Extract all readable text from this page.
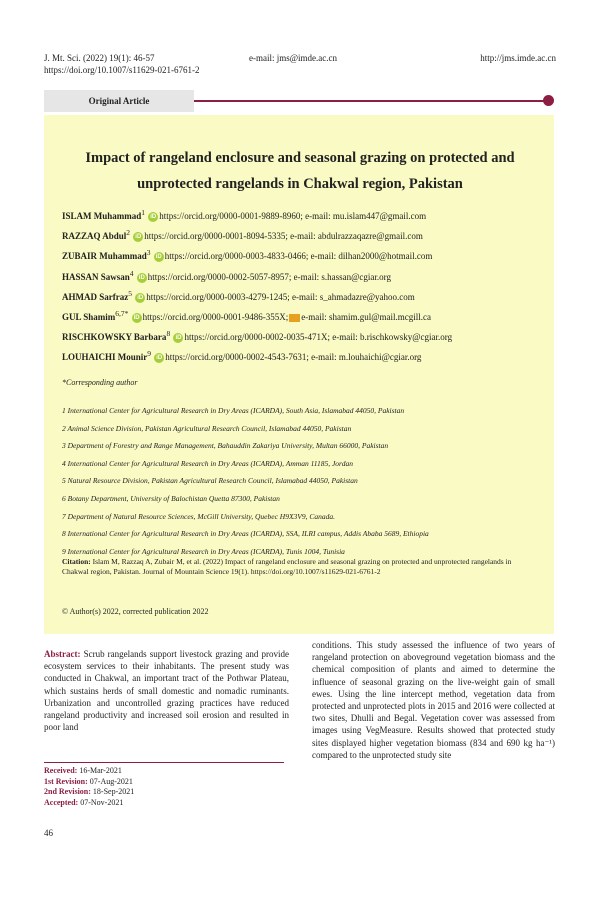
J. Mt. Sci. (2022) 19(1): 46-57
https://doi.org/10.1007/s11629-021-6761-2
e-mail: jms@imde.ac.cn	http://jms.imde.ac.cn
Original Article
Impact of rangeland enclosure and seasonal grazing on protected and unprotected rangelands in Chakwal region, Pakistan
ISLAM Muhammad$^1$ iD https://orcid.org/0000-0001-9889-8960; e-mail: mu.islam447@gmail.com
RAZZAQ Abdul$^2$ iD https://orcid.org/0000-0001-8094-5335; e-mail: abdulrazzaqazre@gmail.com
ZUBAIR Muhammad$^3$ iD https://orcid.org/0000-0003-4833-0466; e-mail: dilhan2000@hotmail.com
HASSAN Sawsan$^4$ iD https://orcid.org/0000-0002-5057-8957; e-mail: s.hassan@cgiar.org
AHMAD Sarfraz$^5$ iD https://orcid.org/0000-0003-4279-1245; e-mail: s_ahmadazre@yahoo.com
GUL Shamim$^{6,7*}$ iD https://orcid.org/0000-0001-9486-355X; e-mail: shamim.gul@mail.mcgill.ca
RISCHKOWSKY Barbara$^8$ iD https://orcid.org/0000-0002-0035-471X; e-mail: b.rischkowsky@cgiar.org
LOUHAICHI Mounir$^9$ iD https://orcid.org/0000-0002-4543-7631; e-mail: m.louhaichi@cgiar.org
*Corresponding author
1 International Center for Agricultural Research in Dry Areas (ICARDA), South Asia, Islamabad 44050, Pakistan
2 Animal Science Division, Pakistan Agricultural Research Council, Islamabad 44050, Pakistan
3 Department of Forestry and Range Management, Bahauddin Zakariya University, Multan 66000, Pakistan
4 International Center for Agricultural Research in Dry Areas (ICARDA), Amman 11185, Jordan
5 Natural Resource Division, Pakistan Agricultural Research Council, Islamabad 44050, Pakistan
6 Botany Department, University of Balochistan Quetta 87300, Pakistan
7 Department of Natural Resource Sciences, McGill University, Quebec H9X3V9, Canada.
8 International Center for Agricultural Research in Dry Areas (ICARDA), SSA, ILRI campus, Addis Ababa 5689, Ethiopia
9 International Center for Agricultural Research in Dry Areas (ICARDA), Tunis 1004, Tunisia
Citation: Islam M, Razzaq A, Zubair M, et al. (2022) Impact of rangeland enclosure and seasonal grazing on protected and unprotected rangelands in Chakwal region, Pakistan. Journal of Mountain Science 19(1). https://doi.org/10.1007/s11629-021-6761-2
© Author(s) 2022, corrected publication 2022
Abstract: Scrub rangelands support livestock grazing and provide ecosystem services to their inhabitants. The present study was conducted in Chakwal, an important tract of the Pothwar Plateau, which sustains herds of small domestic and nomadic ruminants. Urbanization and uncontrolled grazing practices have reduced rangeland productivity and increased soil erosion and resulted in poor land
conditions. This study assessed the influence of two years of rangeland protection on aboveground vegetation biomass and the chemical composition of plants and aimed to determine the influence of seasonal grazing on the live-weight gain of small ewes. Using the line intercept method, vegetation data from protected and unprotected plots in 2015 and 2016 were collected at two sites, Dhulli and Begal. Vegetation cover was assessed from images using VegMeasure. Results showed that protected study sites displayed higher vegetation biomass (834 and 690 kg ha⁻¹) compared to the unprotected study site
Received: 16-Mar-2021
1st Revision: 07-Aug-2021
2nd Revision: 18-Sep-2021
Accepted: 07-Nov-2021
46
